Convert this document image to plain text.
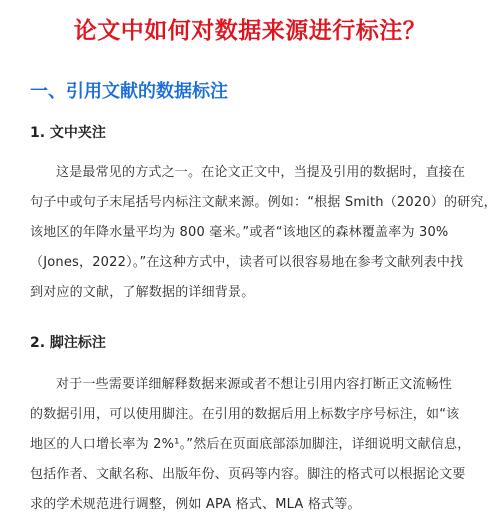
论文中如何对数据来源进行标注？
一、引用文献的数据标注
1. 文中夹注
这是最常见的方式之一。在论文正文中，当提及引用的数据时，直接在
句子中或句子末尾括号内标注文献来源。例如：“根据 Smith（2020）的研究，
该地区的年降水量平均为 800 毫米。”或者“该地区的森林覆盖率为 30%
（Jones，2022）。”在这种方式中，读者可以很容易地在参考文献列表中找
到对应的文献，了解数据的详细背景。
2. 脚注标注
对于一些需要详细解释数据来源或者不想让引用内容打断正文流畅性
的数据引用，可以使用脚注。在引用的数据后用上标数字序号标注，如“该
地区的人口增长率为 2%¹。”然后在页面底部添加脚注，详细说明文献信息，
包括作者、文献名称、出版年份、页码等内容。脚注的格式可以根据论文要
求的学术规范进行调整，例如 APA 格式、MLA 格式等。
